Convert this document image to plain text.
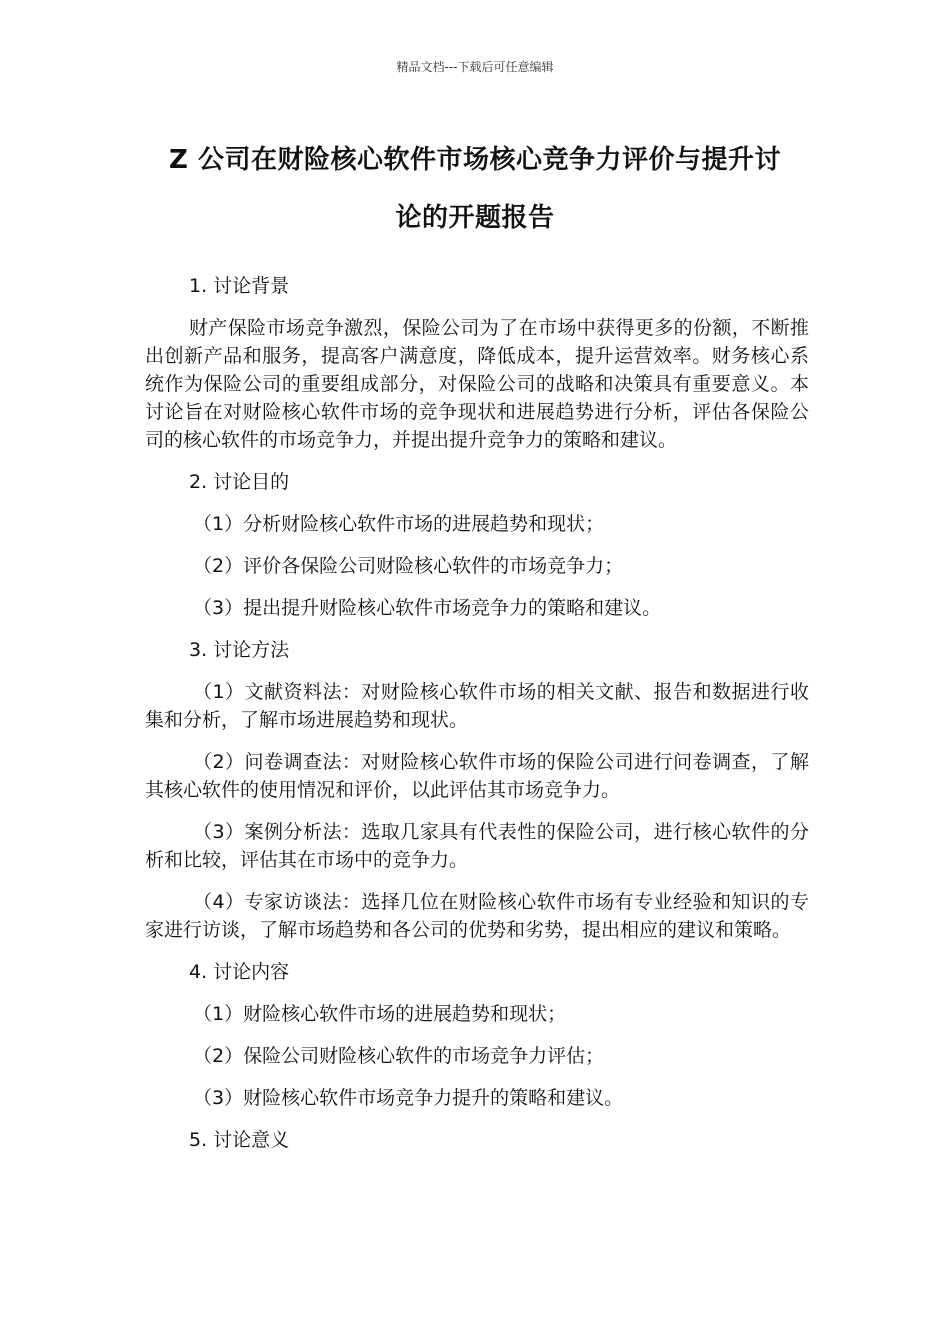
精品文档---下载后可任意编辑
Z 公司在财险核心软件市场核心竞争力评价与提升讨
论的开题报告
1. 讨论背景
财产保险市场竞争激烈，保险公司为了在市场中获得更多的份额，不断推出创新产品和服务，提高客户满意度，降低成本，提升运营效率。财务核心系统作为保险公司的重要组成部分，对保险公司的战略和决策具有重要意义。本讨论旨在对财险核心软件市场的竞争现状和进展趋势进行分析，评估各保险公司的核心软件的市场竞争力，并提出提升竞争力的策略和建议。
2. 讨论目的
（1）分析财险核心软件市场的进展趋势和现状；
（2）评价各保险公司财险核心软件的市场竞争力；
（3）提出提升财险核心软件市场竞争力的策略和建议。
3. 讨论方法
（1）文献资料法：对财险核心软件市场的相关文献、报告和数据进行收集和分析，了解市场进展趋势和现状。
（2）问卷调查法：对财险核心软件市场的保险公司进行问卷调查，了解其核心软件的使用情况和评价，以此评估其市场竞争力。
（3）案例分析法：选取几家具有代表性的保险公司，进行核心软件的分析和比较，评估其在市场中的竞争力。
（4）专家访谈法：选择几位在财险核心软件市场有专业经验和知识的专家进行访谈，了解市场趋势和各公司的优势和劣势，提出相应的建议和策略。
4. 讨论内容
（1）财险核心软件市场的进展趋势和现状；
（2）保险公司财险核心软件的市场竞争力评估；
（3）财险核心软件市场竞争力提升的策略和建议。
5. 讨论意义
